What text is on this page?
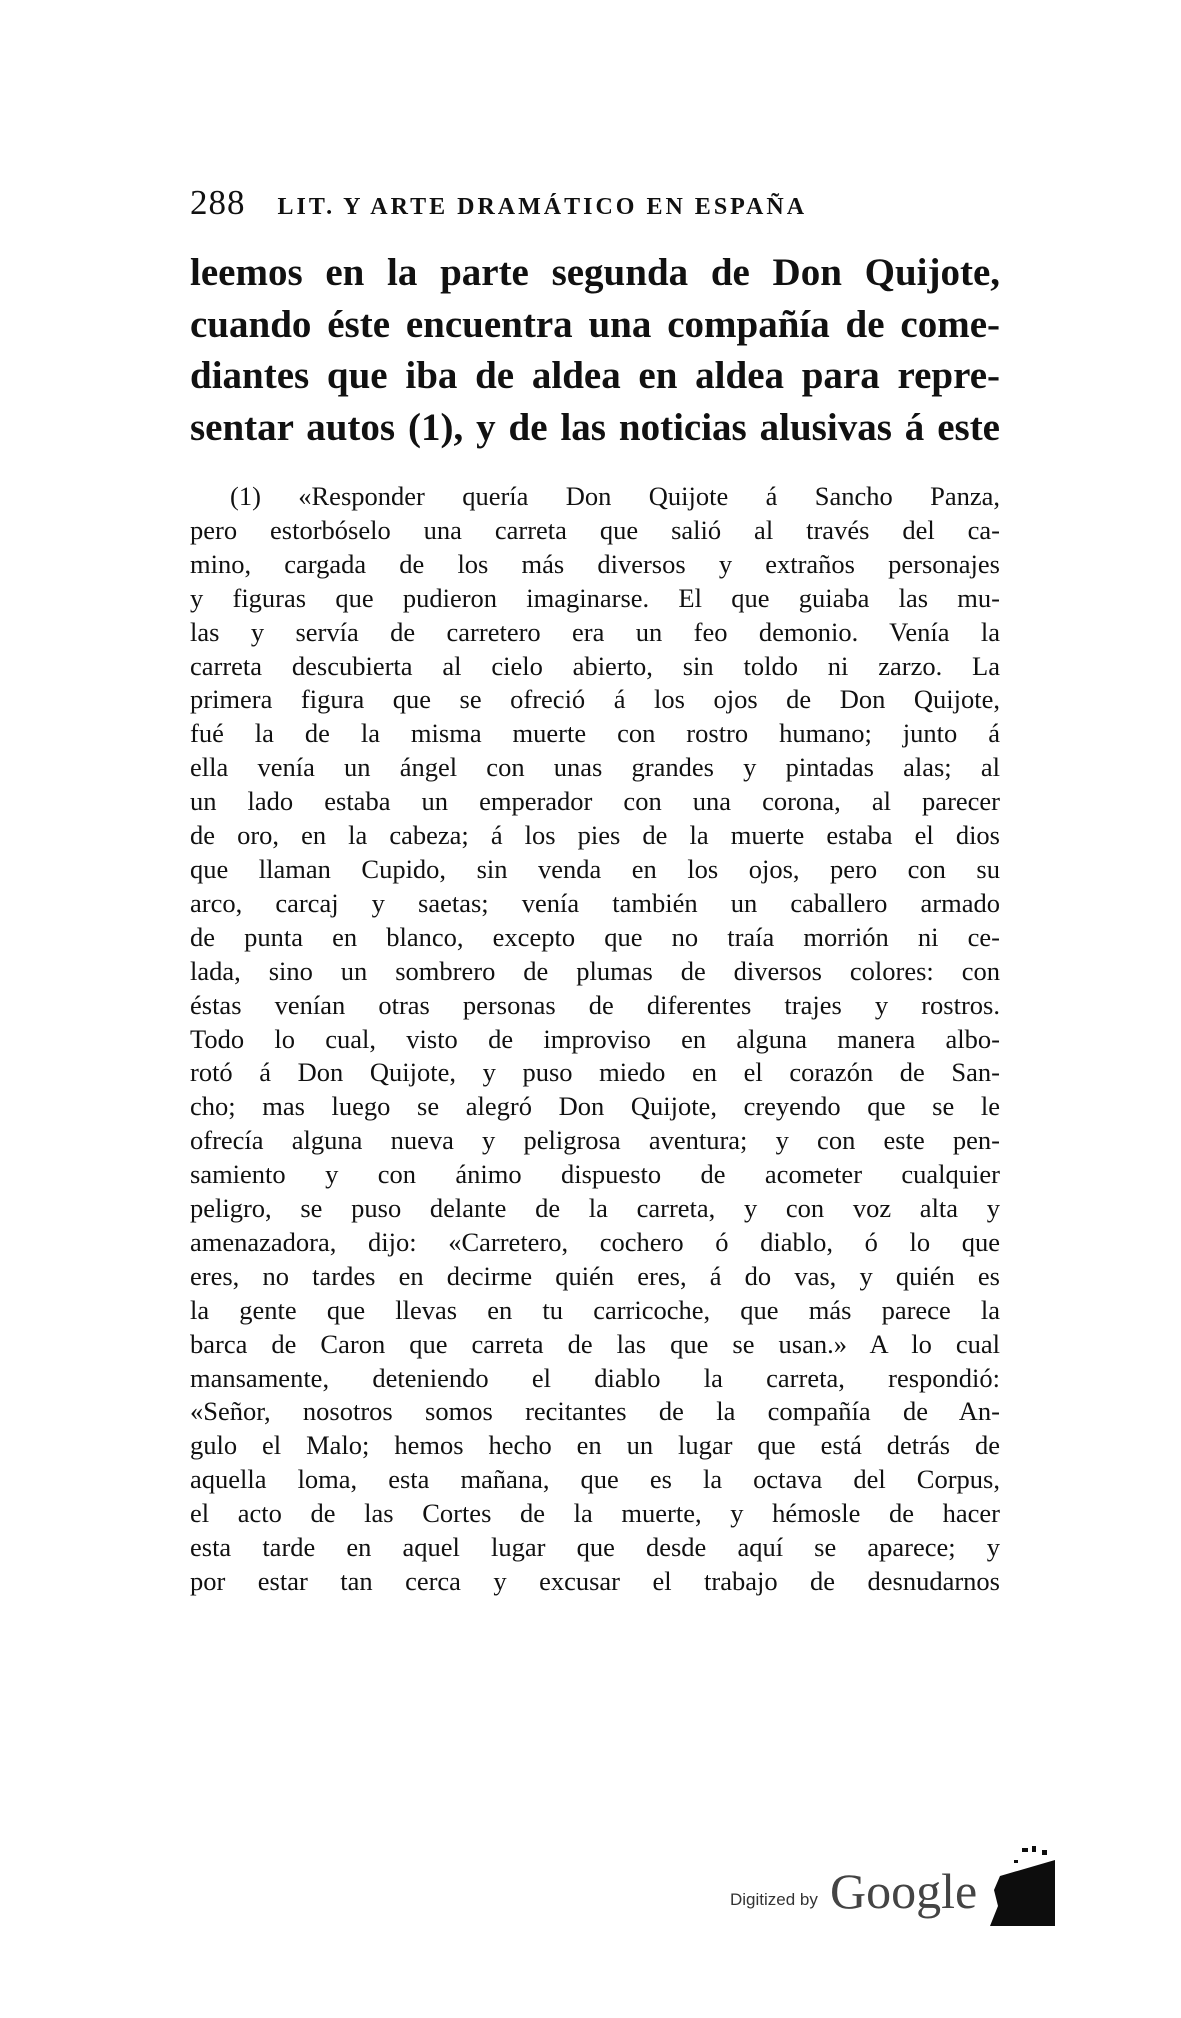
288 LIT. Y ARTE DRAMÁTICO EN ESPAÑA
leemos en la parte segunda de Don Quijote,
cuando éste encuentra una compañía de come-
diantes que iba de aldea en aldea para repre-
sentar autos (1), y de las noticias alusivas á este
(1) «Responder quería Don Quijote á Sancho Panza,
pero estorbóselo una carreta que salió al través del ca-
mino, cargada de los más diversos y extraños personajes
y figuras que pudieron imaginarse. El que guiaba las mu-
las y servía de carretero era un feo demonio. Venía la
carreta descubierta al cielo abierto, sin toldo ni zarzo. La
primera figura que se ofreció á los ojos de Don Quijote,
fué la de la misma muerte con rostro humano; junto á
ella venía un ángel con unas grandes y pintadas alas; al
un lado estaba un emperador con una corona, al parecer
de oro, en la cabeza; á los pies de la muerte estaba el dios
que llaman Cupido, sin venda en los ojos, pero con su
arco, carcaj y saetas; venía también un caballero armado
de punta en blanco, excepto que no traía morrión ni ce-
lada, sino un sombrero de plumas de diversos colores: con
éstas venían otras personas de diferentes trajes y rostros.
Todo lo cual, visto de improviso en alguna manera albo-
rotó á Don Quijote, y puso miedo en el corazón de San-
cho; mas luego se alegró Don Quijote, creyendo que se le
ofrecía alguna nueva y peligrosa aventura; y con este pen-
samiento y con ánimo dispuesto de acometer cualquier
peligro, se puso delante de la carreta, y con voz alta y
amenazadora, dijo: «Carretero, cochero ó diablo, ó lo que
eres, no tardes en decirme quién eres, á do vas, y quién es
la gente que llevas en tu carricoche, que más parece la
barca de Caron que carreta de las que se usan.» A lo cual
mansamente, deteniendo el diablo la carreta, respondió:
«Señor, nosotros somos recitantes de la compañía de An-
gulo el Malo; hemos hecho en un lugar que está detrás de
aquella loma, esta mañana, que es la octava del Corpus,
el acto de las Cortes de la muerte, y hémosle de hacer
esta tarde en aquel lugar que desde aquí se aparece; y
por estar tan cerca y excusar el trabajo de desnudarnos
Digitized by Google
